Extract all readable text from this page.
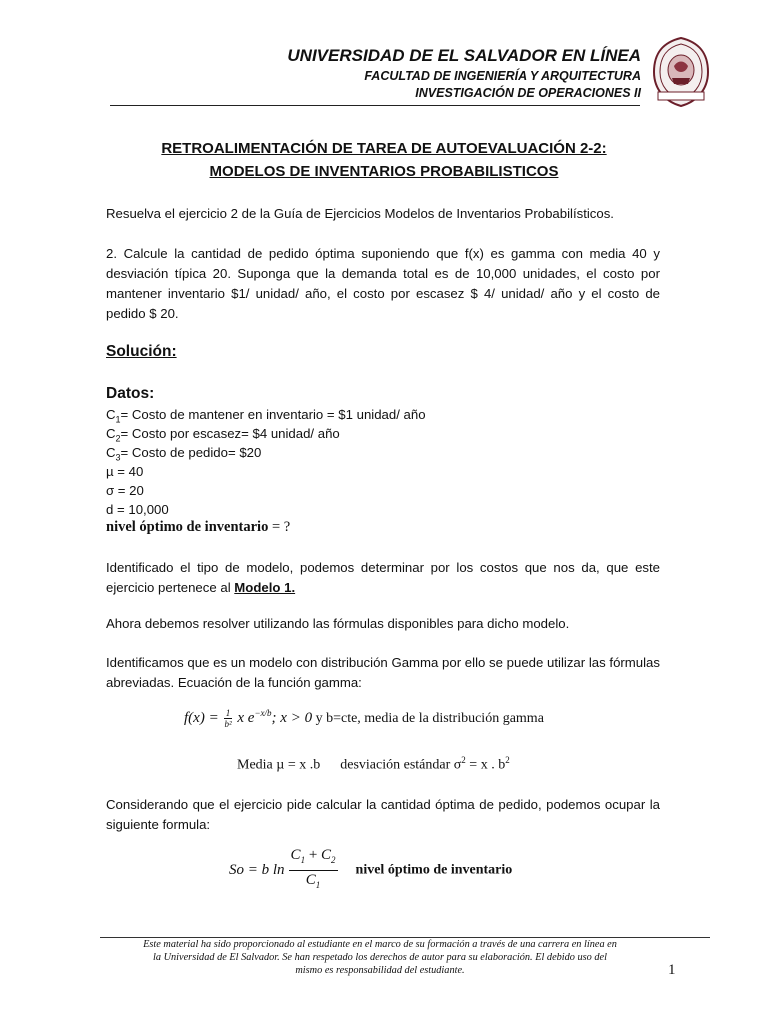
UNIVERSIDAD DE EL SALVADOR EN LÍNEA
FACULTAD DE INGENIERÍA Y ARQUITECTURA
INVESTIGACIÓN DE OPERACIONES II
RETROALIMENTACIÓN DE TAREA DE AUTOEVALUACIÓN 2-2:
MODELOS DE INVENTARIOS PROBABILISTICOS
Resuelva el ejercicio 2 de la Guía de Ejercicios Modelos de Inventarios Probabilísticos.
2. Calcule la cantidad de pedido óptima suponiendo que f(x) es gamma con media 40 y desviación típica 20. Suponga que la demanda total es de 10,000 unidades, el costo por mantener inventario $1/ unidad/ año, el costo por escasez $ 4/ unidad/ año y el costo de pedido $ 20.
Solución:
Datos:
$C_1=$ Costo de mantener en inventario = $1 unidad/ año
$C_2=$ Costo por escasez= $4 unidad/ año
$C_3=$ Costo de pedido= $20
µ = 40
σ = 20
d = 10,000
nivel óptimo de inventario = ?
Identificado el tipo de modelo, podemos determinar por los costos que nos da, que este ejercicio pertenece al Modelo 1.
Ahora debemos resolver utilizando las fórmulas disponibles para dicho modelo.
Identificamos que es un modelo con distribución Gamma por ello se puede utilizar las fórmulas abreviadas. Ecuación de la función gamma:
$f(x) = \frac{1}{\text{b²}}$ x $e^{-x/b}$; x > 0 y b=cte, media de la distribución gamma
Media µ = x .b desviación estándar $\sigma^2 = x$ . $b^2$
Considerando que el ejercicio pide calcular la cantidad óptima de pedido, podemos ocupar la siguiente formula:
So = b $\ln \frac{C_1 + C_2}{C_1}$ nivel óptimo de inventario
Este material ha sido proporcionado al estudiante en el marco de su formación a través de una carrera en línea en
la Universidad de El Salvador. Se han respetado los derechos de autor para su elaboración. El debido uso del
mismo es responsabilidad del estudiante.	1
